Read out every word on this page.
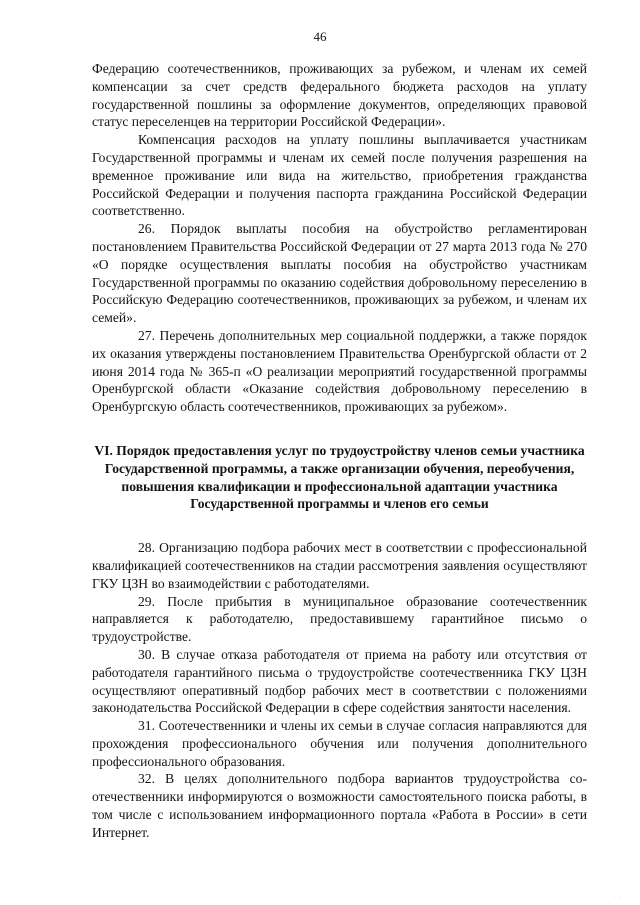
46

Федерацию соотечественников, проживающих за рубежом, и членам их семей компенсации за счет средств федерального бюджета расходов на уплату государственной пошлины за оформление документов, определяющих правовой статус переселенцев на территории Российской Федерации».

Компенсация расходов на уплату пошлины выплачивается участникам Государственной программы и членам их семей после получения разрешения на временное проживание или вида на жительство, приобретения гражданства Российской Федерации и получения паспорта гражданина Российской Федерации соответственно.

26. Порядок выплаты пособия на обустройство регламентирован постановлением Правительства Российской Федерации от 27 марта 2013 года № 270 «О порядке осуществления выплаты пособия на обустройство участникам Государственной программы по оказанию содействия добровольному переселению в Российскую Федерацию соотечественников, проживающих за рубежом, и членам их семей».

27. Перечень дополнительных мер социальной поддержки, а также порядок их оказания утверждены постановлением Правительства Оренбургской области от 2 июня 2014 года № 365-п «О реализации мероприятий государственной программы Оренбургской области «Оказание содействия добровольному переселению в Оренбургскую область соотечественников, проживающих за рубежом».

VI. Порядок предоставления услуг по трудоустройству членов семьи участника Государственной программы, а также организации обучения, переобучения, повышения квалификации и профессиональной адаптации участника Государственной программы и членов его семьи

28. Организацию подбора рабочих мест в соответствии с профессиональной квалификацией соотечественников на стадии рассмотрения заявления осуществляют ГКУ ЦЗН во взаимодействии с работодателями.

29. После прибытия в муниципальное образование соотечественник направляется к работодателю, предоставившему гарантийное письмо о трудоустройстве.

30. В случае отказа работодателя от приема на работу или отсутствия от работодателя гарантийного письма о трудоустройстве соотечественника ГКУ ЦЗН осуществляют оперативный подбор рабочих мест в соответствии с положениями законодательства Российской Федерации в сфере содействия занятости населения.

31. Соотечественники и члены их семьи в случае согласия направляются для прохождения профессионального обучения или получения дополнительного профессионального образования.

32. В целях дополнительного подбора вариантов трудоустройства соотечественники информируются о возможности самостоятельного поиска работы, в том числе с использованием информационного портала «Работа в России» в сети Интернет.

· ·
